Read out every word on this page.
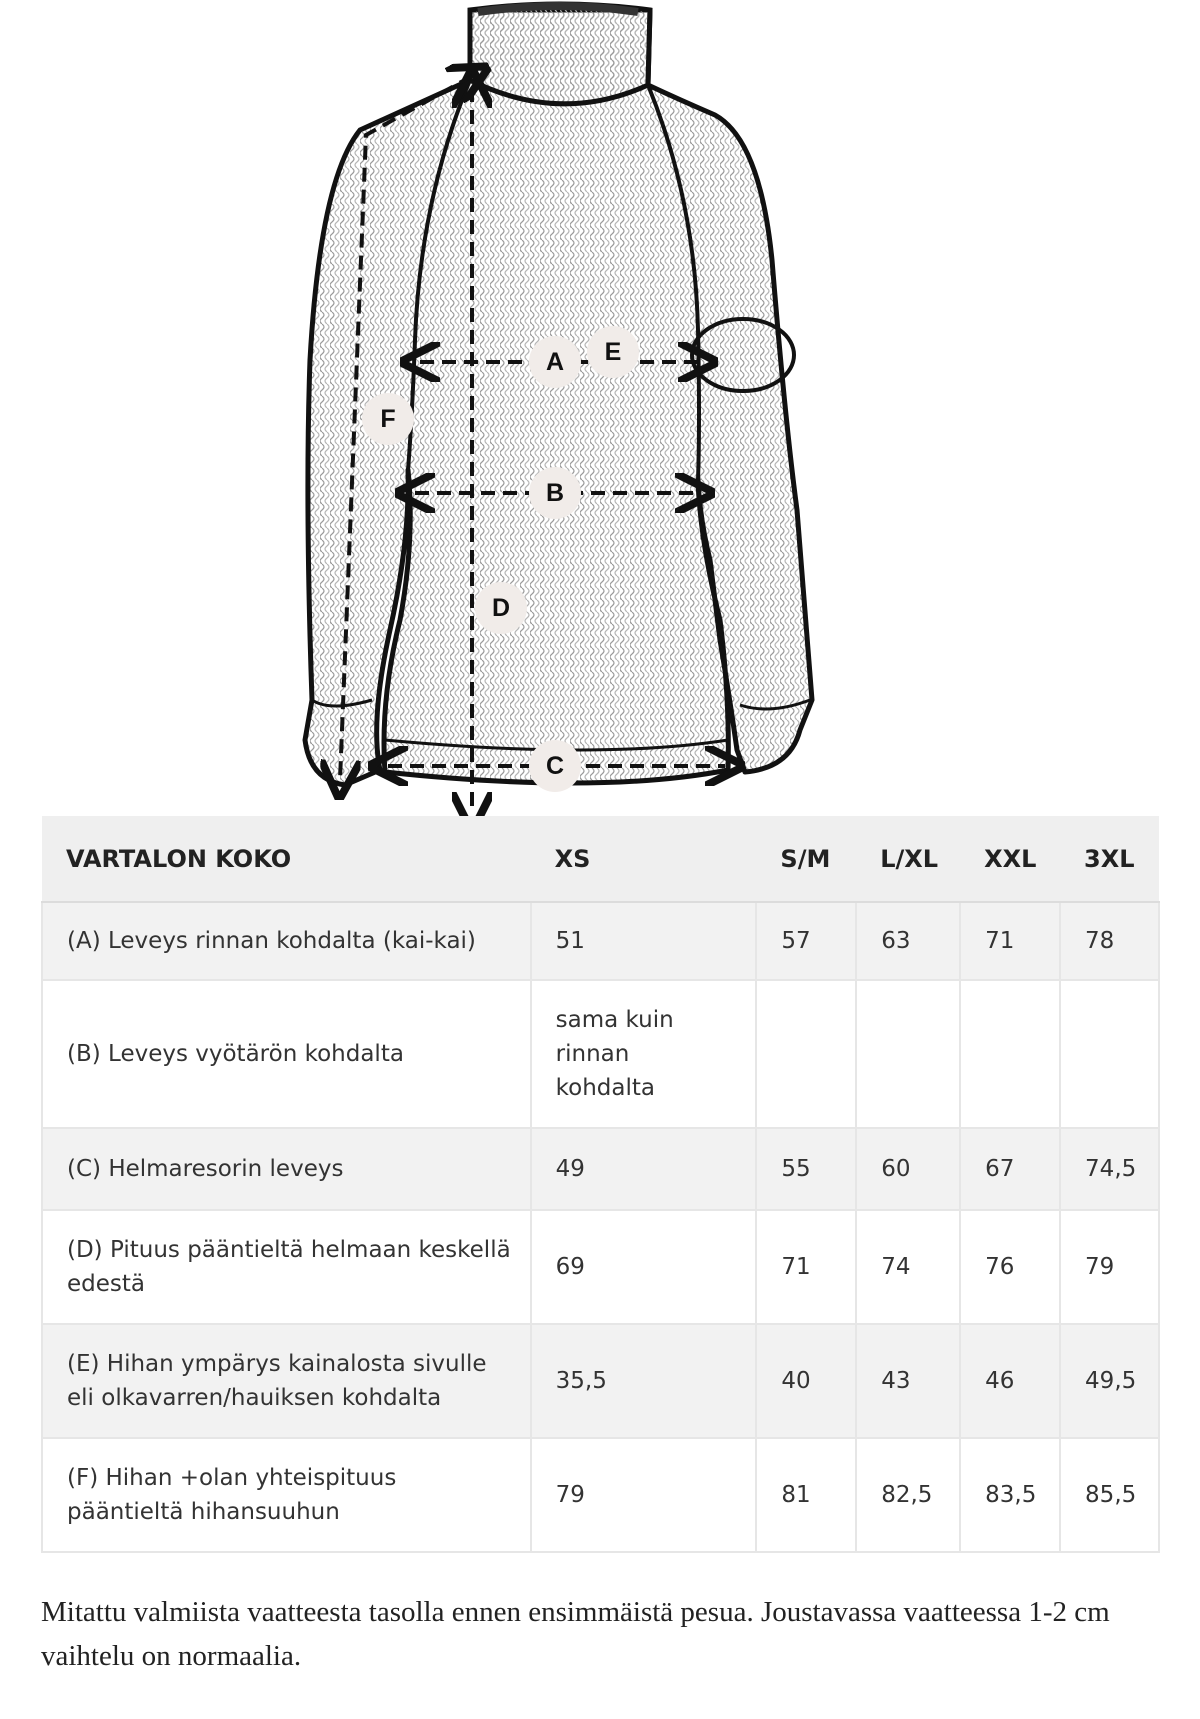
A
B
C
D
E
F
VARTALON KOKO	XS	S/M	L/XL	XXL	3XL
(A) Leveys rinnan kohdalta (kai-kai)	51	57	63	71	78
(B) Leveys vyötärön kohdalta	sama kuin rinnan kohdalta				
(C) Helmaresorin leveys	49	55	60	67	74,5
(D) Pituus pääntieltä helmaan keskellä edestä	69	71	74	76	79
(E) Hihan ympärys kainalosta sivulle eli olkavarren/hauiksen kohdalta	35,5	40	43	46	49,5
(F) Hihan +olan yhteispituus pääntieltä hihansuuhun	79	81	82,5	83,5	85,5
Mitattu valmiista vaatteesta tasolla ennen ensimmäistä pesua. Joustavassa vaatteessa 1-2 cm vaihtelu on normaalia.
